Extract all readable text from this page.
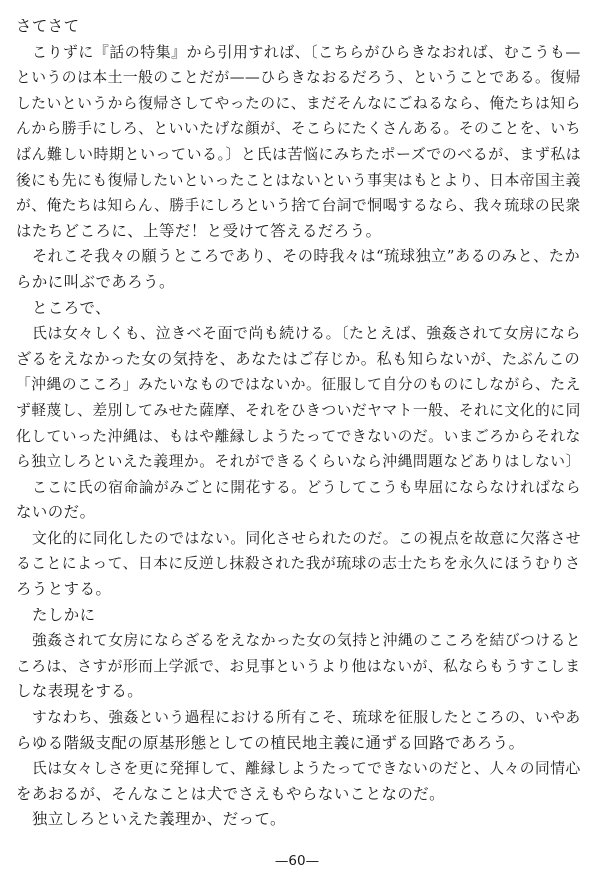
さてさて
こりずに『話の特集』から引用すれば、〔こちらがひらきなおれば、むこうも—
というのは本土一般のことだが——ひらきなおるだろう、ということである。復帰
したいというから復帰さしてやったのに、まだそんなにごねるなら、俺たちは知ら
んから勝手にしろ、といいたげな顔が、そこらにたくさんある。そのことを、いち
ばん難しい時期といっている。〕と氏は苦悩にみちたポーズでのべるが、まず私は
後にも先にも復帰したいといったことはないという事実はもとより、日本帝国主義
が、俺たちは知らん、勝手にしろという捨て台詞で恫喝するなら、我々琉球の民衆
はたちどころに、上等だ！と受けて答えるだろう。
それこそ我々の願うところであり、その時我々は“琉球独立”あるのみと、たか
らかに叫ぶであろう。
ところで、
氏は女々しくも、泣きべそ面で尚も続ける。〔たとえば、強姦されて女房になら
ざるをえなかった女の気持を、あなたはご存じか。私も知らないが、たぶんこの
「沖縄のこころ」みたいなものではないか。征服して自分のものにしながら、たえ
ず軽蔑し、差別してみせた薩摩、それをひきついだヤマト一般、それに文化的に同
化していった沖縄は、もはや離縁しようたってできないのだ。いまごろからそれな
ら独立しろといえた義理か。それができるくらいなら沖縄問題などありはしない〕
ここに氏の宿命論がみごとに開花する。どうしてこうも卑屈にならなければなら
ないのだ。
文化的に同化したのではない。同化させられたのだ。この視点を故意に欠落させ
ることによって、日本に反逆し抹殺された我が琉球の志士たちを永久にほうむりさ
ろうとする。
たしかに
強姦されて女房にならざるをえなかった女の気持と沖縄のこころを結びつけると
ころは、さすが形而上学派で、お見事というより他はないが、私ならもうすこしま
しな表現をする。
すなわち、強姦という過程における所有こそ、琉球を征服したところの、いやあ
らゆる階級支配の原基形態としての植民地主義に通ずる回路であろう。
氏は女々しさを更に発揮して、離縁しようたってできないのだと、人々の同情心
をあおるが、そんなことは犬でさえもやらないことなのだ。
独立しろといえた義理か、だって。
—60—
